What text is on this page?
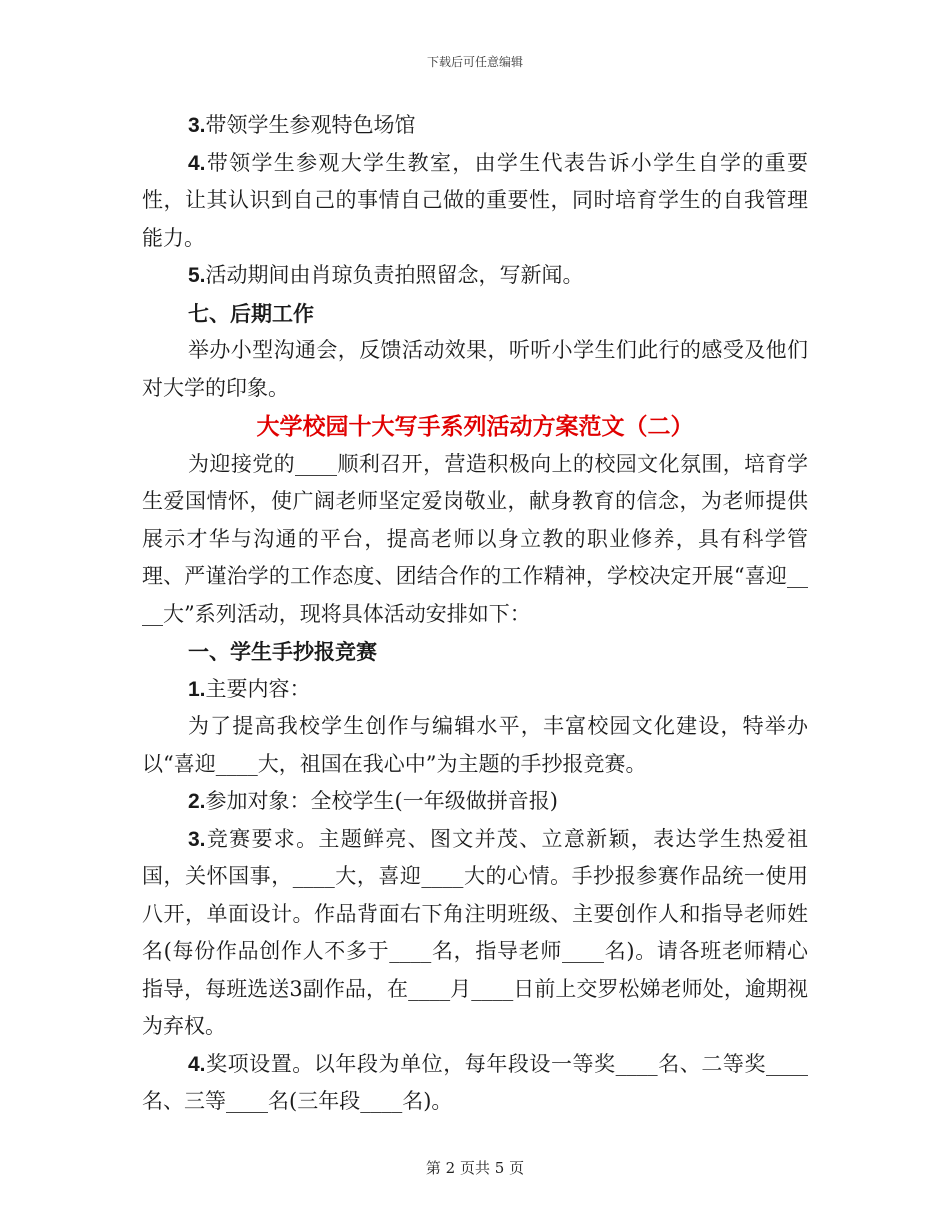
下载后可任意编辑

3.带领学生参观特色场馆

4.带领学生参观大学生教室，由学生代表告诉小学生自学的重要性，让其认识到自己的事情自己做的重要性，同时培育学生的自我管理能力。

5.活动期间由肖琼负责拍照留念，写新闻。

七、后期工作

举办小型沟通会，反馈活动效果，听听小学生们此行的感受及他们对大学的印象。

大学校园十大写手系列活动方案范文（二）

为迎接党的____顺利召开，营造积极向上的校园文化氛围，培育学生爱国情怀，使广阔老师坚定爱岗敬业，献身教育的信念，为老师提供展示才华与沟通的平台，提高老师以身立教的职业修养，具有科学管理、严谨治学的工作态度、团结合作的工作精神，学校决定开展“喜迎____大”系列活动，现将具体活动安排如下：

一、学生手抄报竞赛

1.主要内容：

为了提高我校学生创作与编辑水平，丰富校园文化建设，特举办以“喜迎____大，祖国在我心中”为主题的手抄报竞赛。

2.参加对象：全校学生(一年级做拼音报)

3.竞赛要求。主题鲜亮、图文并茂、立意新颖，表达学生热爱祖国，关怀国事，____大，喜迎____大的心情。手抄报参赛作品统一使用八开，单面设计。作品背面右下角注明班级、主要创作人和指导老师姓名(每份作品创作人不多于____名，指导老师____名)。请各班老师精心指导，每班选送3副作品，在____月____日前上交罗松娣老师处，逾期视为弃权。

4.奖项设置。以年段为单位，每年段设一等奖____名、二等奖____名、三等____名(三年段____名)。

第 2 页共 5 页
